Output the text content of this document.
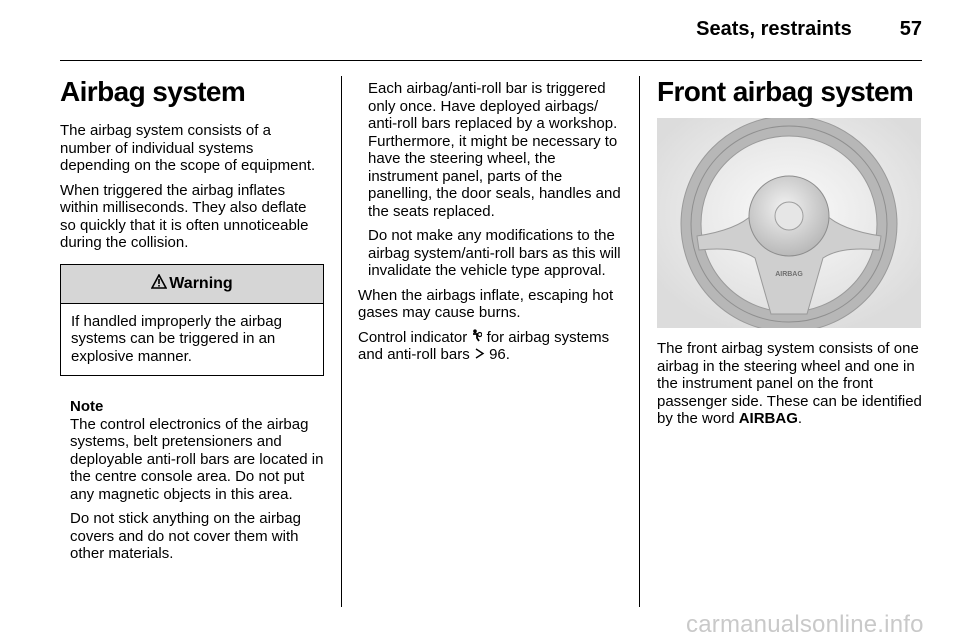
Seats, restraints 57
Airbag system

The airbag system consists of a number of individual systems depending on the scope of equipment.

When triggered the airbag inflates within milliseconds. They also deflate so quickly that it is often unnoticeable during the collision.

Warning
If handled improperly the airbag systems can be triggered in an explosive manner.
Note

The control electronics of the airbag systems, belt pretensioners and deployable anti-roll bars are located in the centre console area. Do not put any magnetic objects in this area.

Do not stick anything on the airbag covers and do not cover them with other materials.

Each airbag/anti-roll bar is triggered only once. Have deployed airbags/ anti-roll bars replaced by a workshop. Furthermore, it might be necessary to have the steering wheel, the instrument panel, parts of the panelling, the door seals, handles and the seats replaced.

Do not make any modifications to the airbag system/anti-roll bars as this will invalidate the vehicle type approval.

When the airbags inflate, escaping hot gases may cause burns.

Control indicator for airbag systems and anti-roll bars 96.

Front airbag system
AIRBAG

The front airbag system consists of one airbag in the steering wheel and one in the instrument panel on the front passenger side. These can be identified by the word AIRBAG.

carmanualsonline.info
